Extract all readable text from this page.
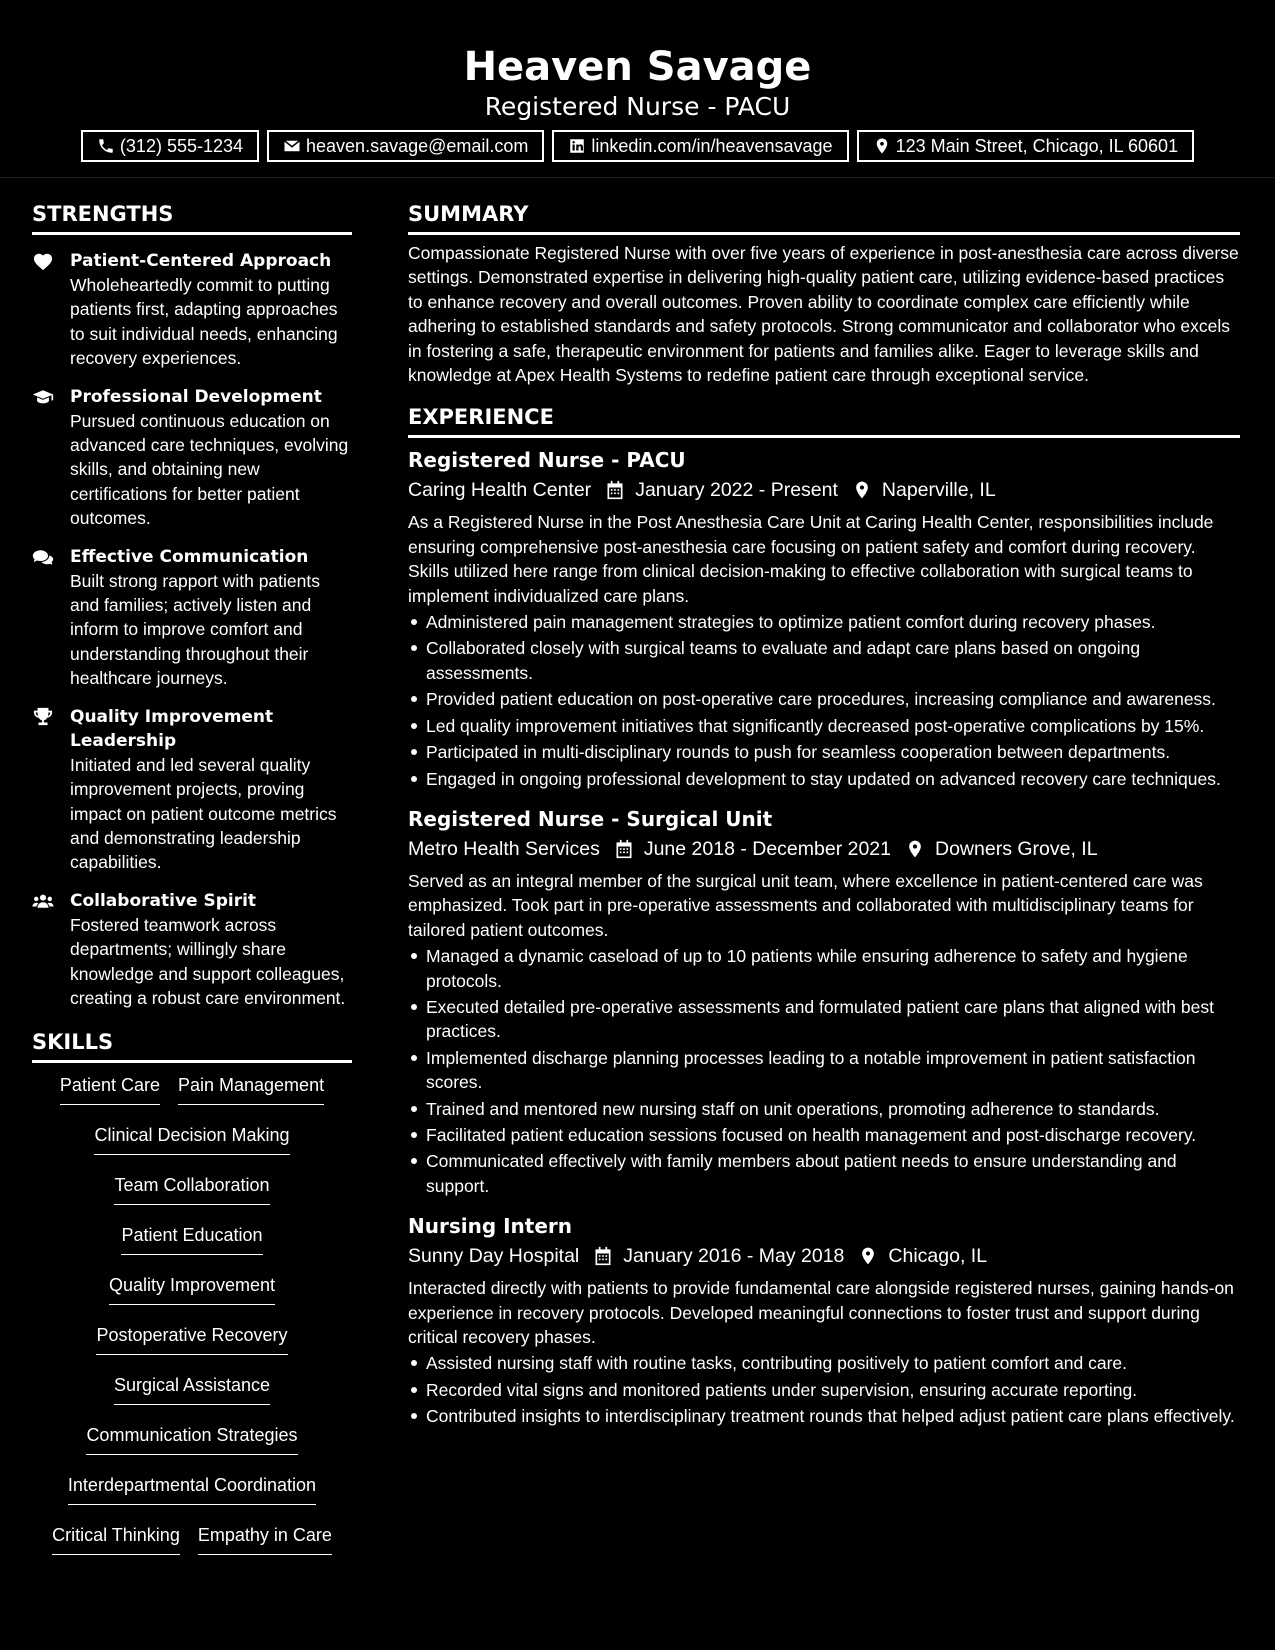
Heaven Savage
Registered Nurse - PACU
(312) 555-1234	heaven.savage@email.com	linkedin.com/in/heavensavage	123 Main Street, Chicago, IL 60601
STRENGTHS
Patient-Centered Approach
Wholeheartedly commit to putting patients first, adapting approaches to suit individual needs, enhancing recovery experiences.
Professional Development
Pursued continuous education on advanced care techniques, evolving skills, and obtaining new certifications for better patient outcomes.
Effective Communication
Built strong rapport with patients and families; actively listen and inform to improve comfort and understanding throughout their healthcare journeys.
Quality Improvement Leadership
Initiated and led several quality improvement projects, proving impact on patient outcome metrics and demonstrating leadership capabilities.
Collaborative Spirit
Fostered teamwork across departments; willingly share knowledge and support colleagues, creating a robust care environment.
SKILLS
Patient Care Pain Management
Clinical Decision Making
Team Collaboration
Patient Education
Quality Improvement
Postoperative Recovery
Surgical Assistance
Communication Strategies
Interdepartmental Coordination
Critical Thinking Empathy in Care
SUMMARY
Compassionate Registered Nurse with over five years of experience in post-anesthesia care across diverse settings. Demonstrated expertise in delivering high-quality patient care, utilizing evidence-based practices to enhance recovery and overall outcomes. Proven ability to coordinate complex care efficiently while adhering to established standards and safety protocols. Strong communicator and collaborator who excels in fostering a safe, therapeutic environment for patients and families alike. Eager to leverage skills and knowledge at Apex Health Systems to redefine patient care through exceptional service.
EXPERIENCE
Registered Nurse - PACU
Caring Health Center January 2022 - Present Naperville, IL
As a Registered Nurse in the Post Anesthesia Care Unit at Caring Health Center, responsibilities include ensuring comprehensive post-anesthesia care focusing on patient safety and comfort during recovery. Skills utilized here range from clinical decision-making to effective collaboration with surgical teams to implement individualized care plans.
Administered pain management strategies to optimize patient comfort during recovery phases.
Collaborated closely with surgical teams to evaluate and adapt care plans based on ongoing assessments.
Provided patient education on post-operative care procedures, increasing compliance and awareness.
Led quality improvement initiatives that significantly decreased post-operative complications by 15%.
Participated in multi-disciplinary rounds to push for seamless cooperation between departments.
Engaged in ongoing professional development to stay updated on advanced recovery care techniques.
Registered Nurse - Surgical Unit
Metro Health Services June 2018 - December 2021 Downers Grove, IL
Served as an integral member of the surgical unit team, where excellence in patient-centered care was emphasized. Took part in pre-operative assessments and collaborated with multidisciplinary teams for tailored patient outcomes.
Managed a dynamic caseload of up to 10 patients while ensuring adherence to safety and hygiene protocols.
Executed detailed pre-operative assessments and formulated patient care plans that aligned with best practices.
Implemented discharge planning processes leading to a notable improvement in patient satisfaction scores.
Trained and mentored new nursing staff on unit operations, promoting adherence to standards.
Facilitated patient education sessions focused on health management and post-discharge recovery.
Communicated effectively with family members about patient needs to ensure understanding and support.
Nursing Intern
Sunny Day Hospital January 2016 - May 2018 Chicago, IL
Interacted directly with patients to provide fundamental care alongside registered nurses, gaining hands-on experience in recovery protocols. Developed meaningful connections to foster trust and support during critical recovery phases.
Assisted nursing staff with routine tasks, contributing positively to patient comfort and care.
Recorded vital signs and monitored patients under supervision, ensuring accurate reporting.
Contributed insights to interdisciplinary treatment rounds that helped adjust patient care plans effectively.
